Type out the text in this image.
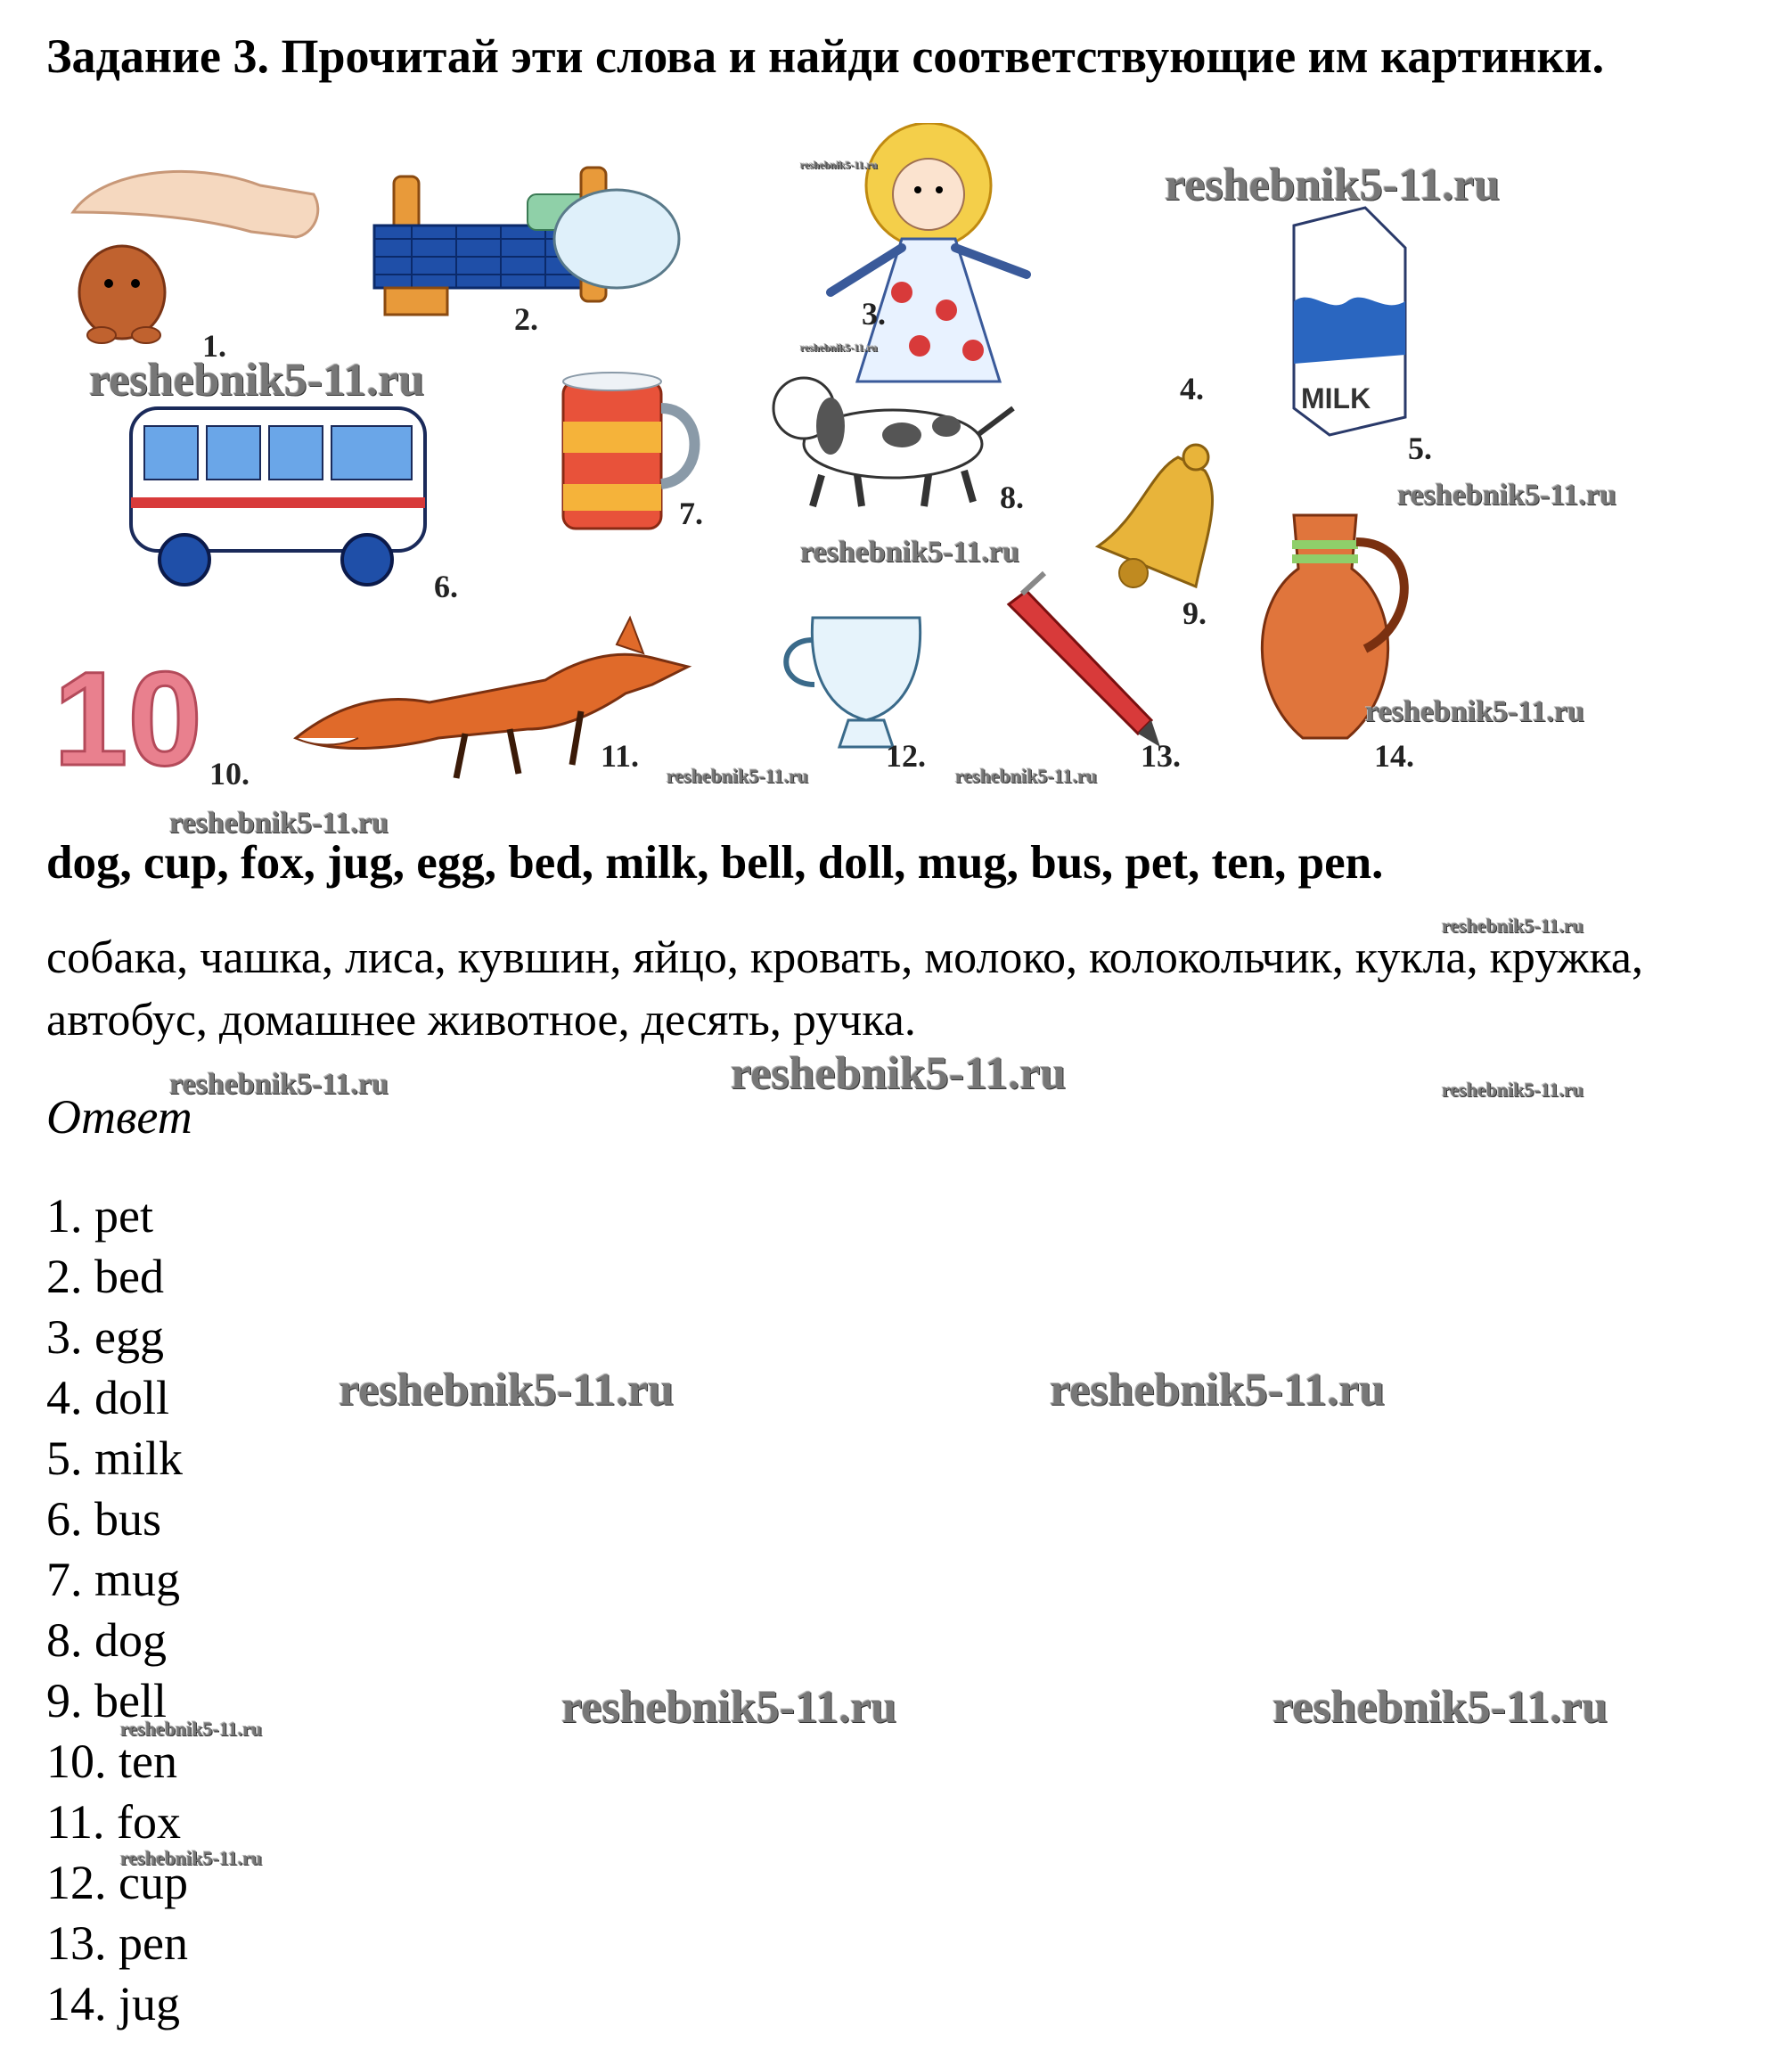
Задание 3. Прочитай эти слова и найди соответствующие им картинки.
MILK
10
1.
2.	3.
4.
5.
6.
7.	8.
9.
10.	11.	12.	13.	14.
reshebnik5-11.ru
reshebnik5-11.ru
reshebnik5-11.ru
reshebnik5-11.ru
reshebnik5-11.ru
reshebnik5-11.ru	reshebnik5-11.ru
reshebnik5-11.ru
reshebnik5-11.ru
reshebnik5-11.ru	reshebnik5-11.ru	reshebnik5-11.ru
reshebnik5-11.ru	reshebnik5-11.ru
reshebnik5-11.ru	reshebnik5-11.ru
reshebnik5-11.ru
reshebnik5-11.ru
reshebnik5-11.ru
reshebnik5-11.ru
dog, cup, fox, jug, egg, bed, milk, bell, doll, mug, bus, pet, ten, pen.
собака, чашка, лиса, кувшин, яйцо, кровать, молоко, колокольчик, кукла, кружка, автобус, домашнее животное, десять, ручка.
Ответ
1. pet
2. bed
3. egg
4. doll
5. milk
6. bus
7. mug
8. dog
9. bell
10. ten
11. fox
12. cup
13. pen
14. jug
